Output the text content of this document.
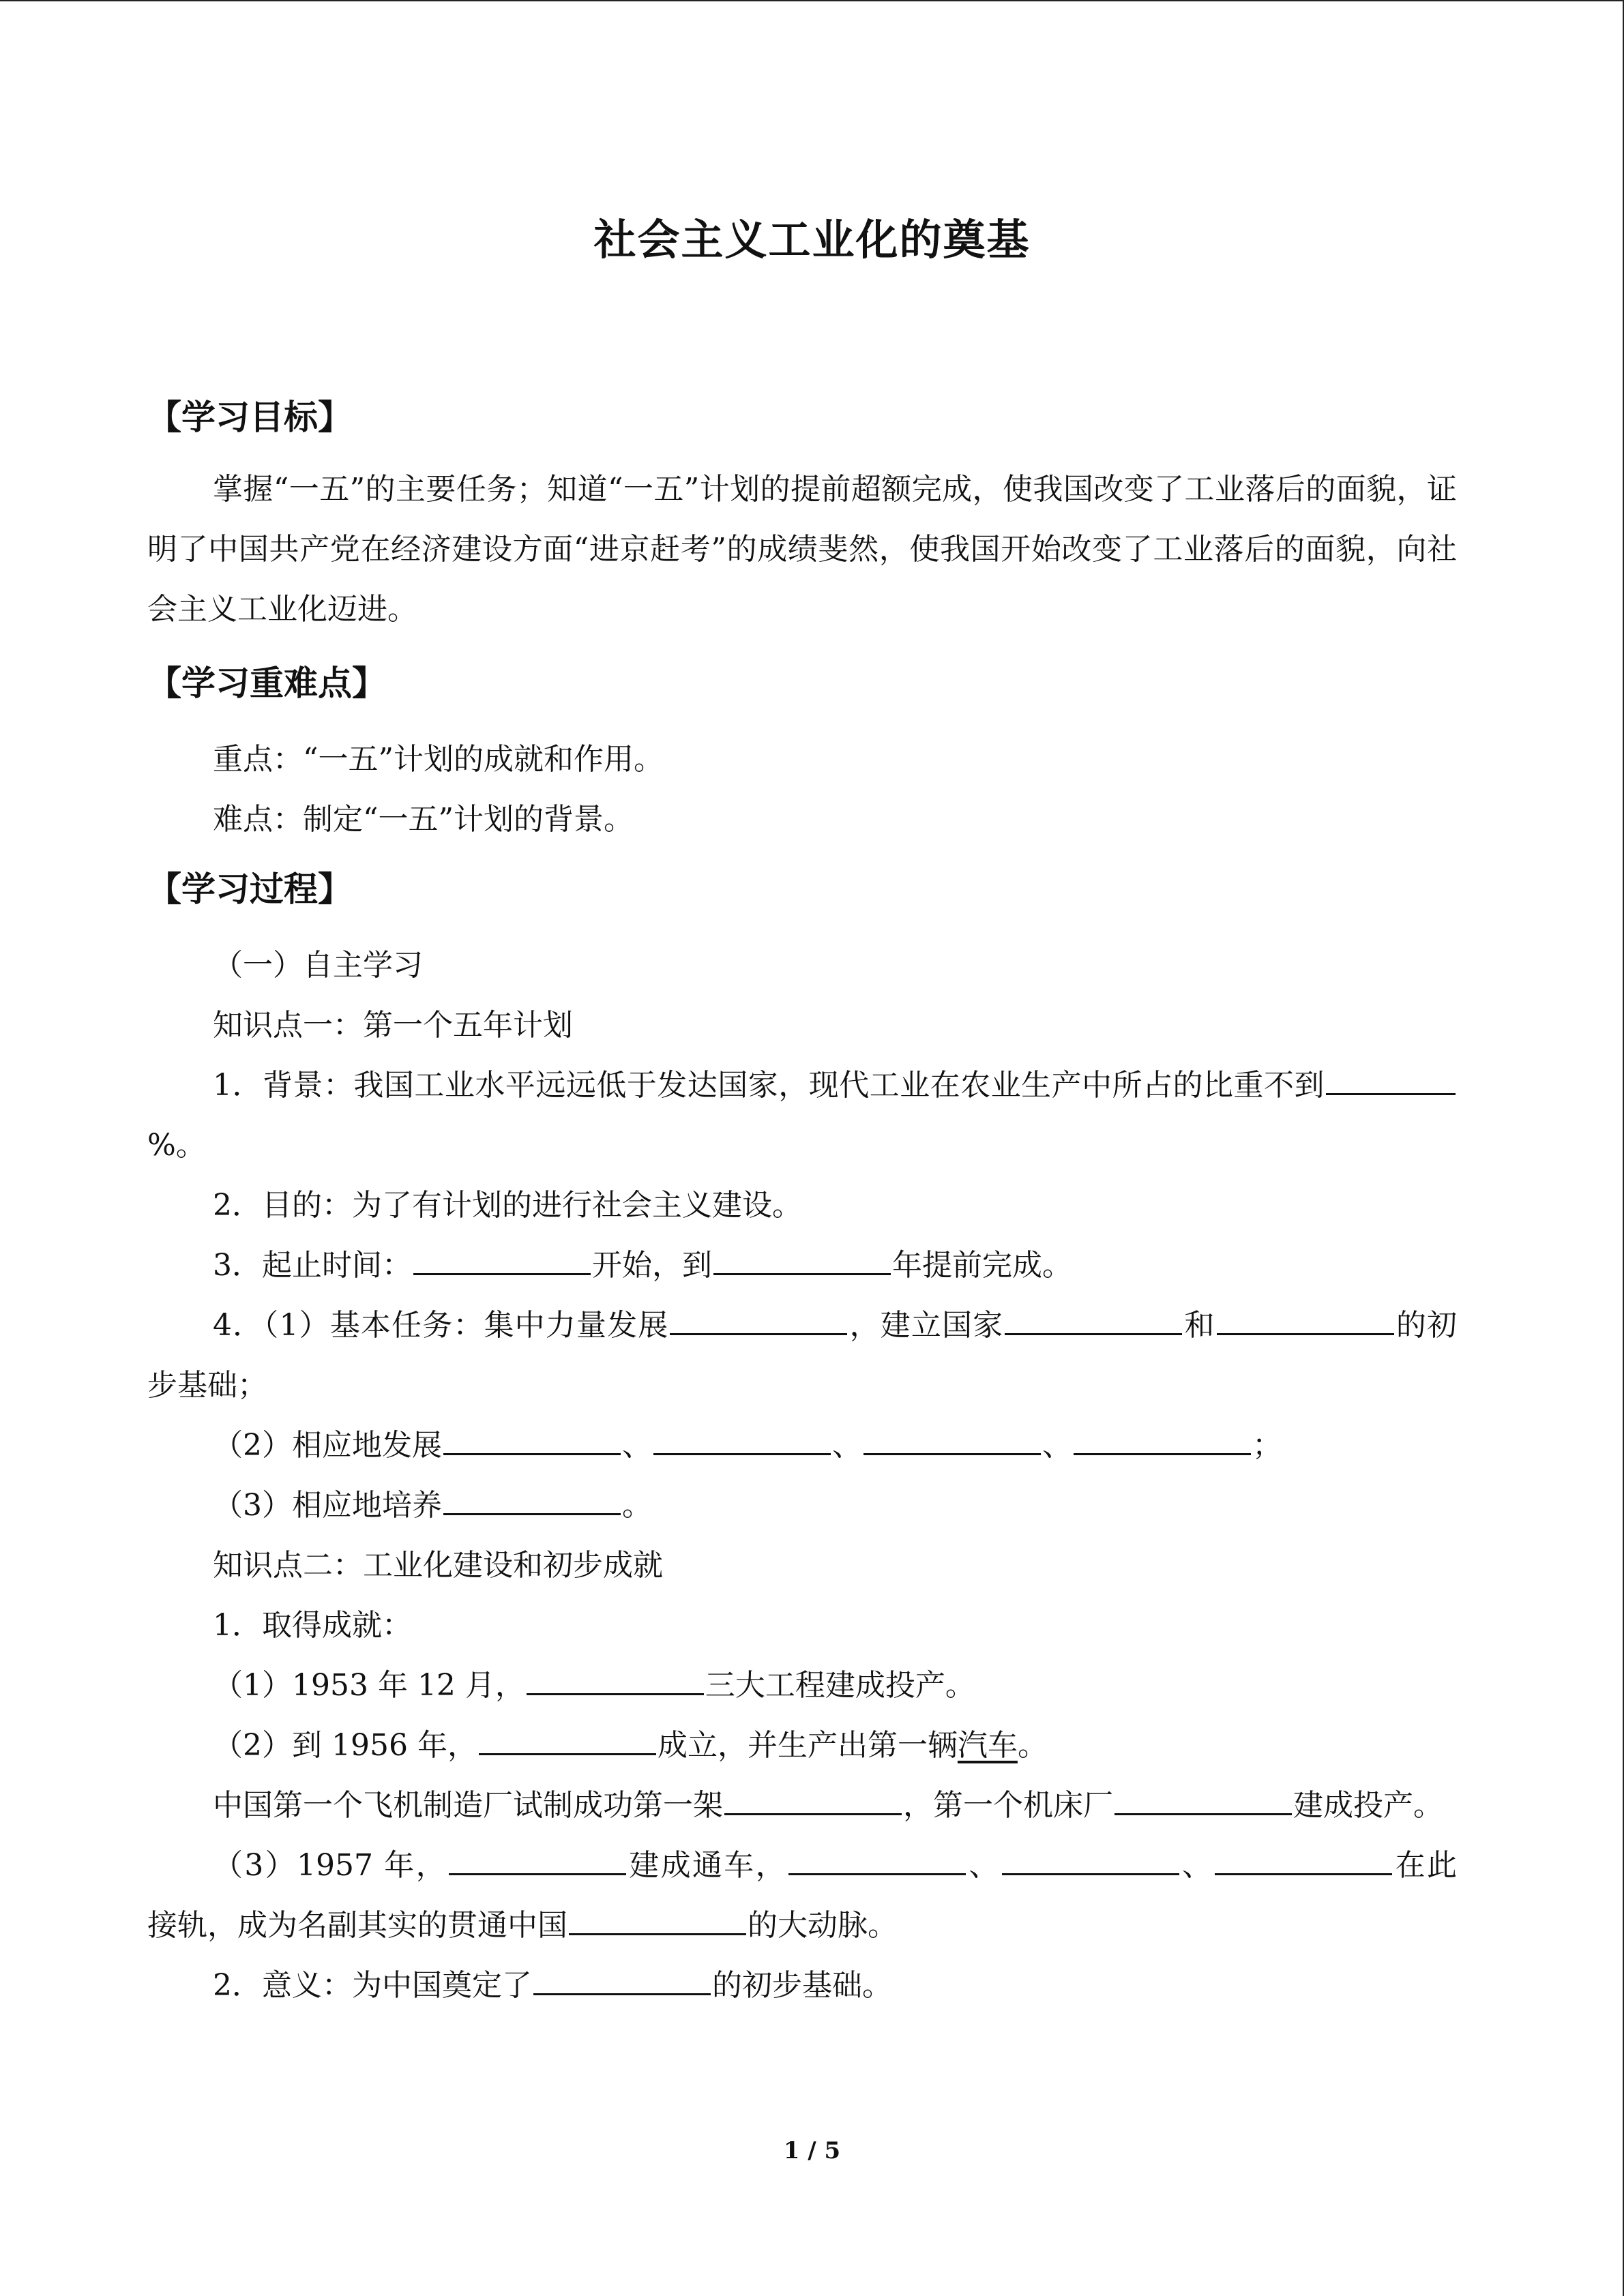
社会主义工业化的奠基

【学习目标】

掌握“一五”的主要任务；知道“一五”计划的提前超额完成，使我国改变了工业落后的面貌，证明了中国共产党在经济建设方面“进京赶考”的成绩斐然，使我国开始改变了工业落后的面貌，向社会主义工业化迈进。

【学习重难点】

重点：“一五”计划的成就和作用。

难点：制定“一五”计划的背景。

【学习过程】

（一）自主学习

知识点一：第一个五年计划

1．背景：我国工业水平远远低于发达国家，现代工业在农业生产中所占的比重不到%。

2．目的：为了有计划的进行社会主义建设。

3．起止时间：	开始，到	年提前完成。

4．（1）基本任务：集中力量发展	，建立国家	和	的初步基础；

（2）相应地发展	、	、	、	；

（3）相应地培养	。

知识点二：工业化建设和初步成就

1．取得成就：

（1）1953 年 12 月，	三大工程建成投产。

（2）到 1956 年，	成立，并生产出第一辆汽车。

中国第一个飞机制造厂试制成功第一架	，第一个机床厂	建成投产。

（3）1957 年，	建成通车，	、	、	在此接轨，成为名副其实的贯通中国	的大动脉。

2．意义：为中国奠定了	的初步基础。

1 / 5
